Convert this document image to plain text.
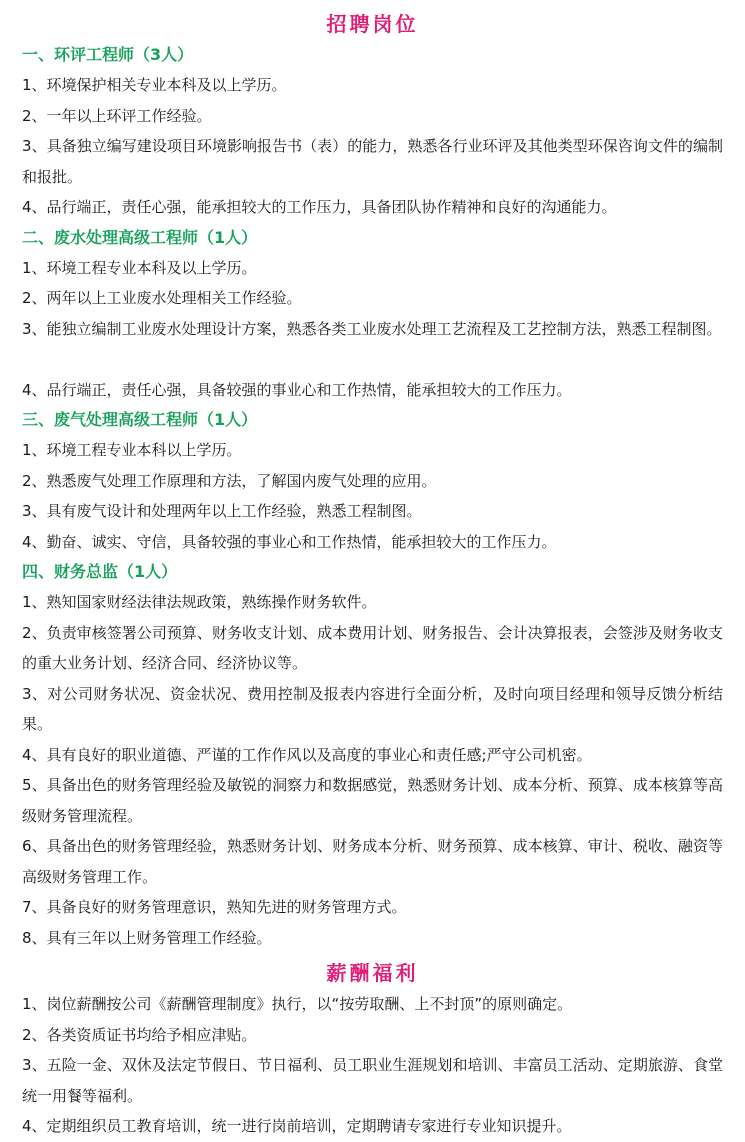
招聘岗位
一、环评工程师（3人）

1、环境保护相关专业本科及以上学历。

2、一年以上环评工作经验。

3、具备独立编写建设项目环境影响报告书（表）的能力，熟悉各行业环评及其他类型环保咨询文件的编制和报批。

4、品行端正，责任心强，能承担较大的工作压力，具备团队协作精神和良好的沟通能力。

二、废水处理高级工程师（1人）

1、环境工程专业本科及以上学历。

2、两年以上工业废水处理相关工作经验。

3、能独立编制工业废水处理设计方案，熟悉各类工业废水处理工艺流程及工艺控制方法，熟悉工程制图。

4、品行端正，责任心强，具备较强的事业心和工作热情，能承担较大的工作压力。

三、废气处理高级工程师（1人）

1、环境工程专业本科以上学历。

2、熟悉废气处理工作原理和方法，了解国内废气处理的应用。

3、具有废气设计和处理两年以上工作经验，熟悉工程制图。

4、勤奋、诚实、守信，具备较强的事业心和工作热情，能承担较大的工作压力。

四、财务总监（1人）

1、熟知国家财经法律法规政策，熟练操作财务软件。

2、负责审核签署公司预算、财务收支计划、成本费用计划、财务报告、会计决算报表，会签涉及财务收支的重大业务计划、经济合同、经济协议等。

3、对公司财务状况、资金状况、费用控制及报表内容进行全面分析，及时向项目经理和领导反馈分析结果。

4、具有良好的职业道德、严谨的工作作风以及高度的事业心和责任感;严守公司机密。

5、具备出色的财务管理经验及敏锐的洞察力和数据感觉，熟悉财务计划、成本分析、预算、成本核算等高级财务管理流程。

6、具备出色的财务管理经验，熟悉财务计划、财务成本分析、财务预算、成本核算、审计、税收、融资等高级财务管理工作。

7、具备良好的财务管理意识，熟知先进的财务管理方式。

8、具有三年以上财务管理工作经验。

薪酬福利

1、岗位薪酬按公司《薪酬管理制度》执行，以“按劳取酬、上不封顶”的原则确定。

2、各类资质证书均给予相应津贴。

3、五险一金、双休及法定节假日、节日福利、员工职业生涯规划和培训、丰富员工活动、定期旅游、食堂统一用餐等福利。

4、定期组织员工教育培训，统一进行岗前培训，定期聘请专家进行专业知识提升。
